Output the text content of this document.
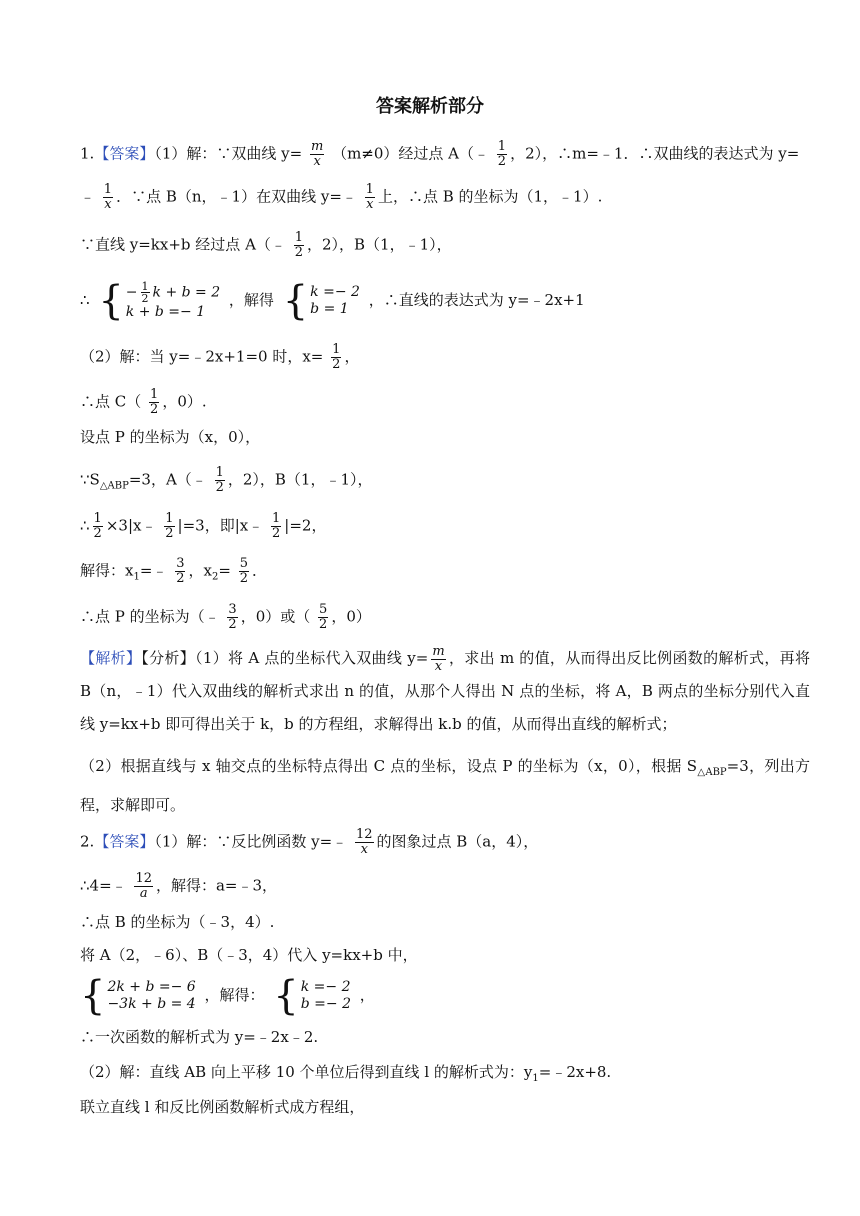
答案解析部分
1.【答案】（1）解：∵双曲线 $y= \frac{m}{x} (m\ne 0)$经过点 A（﹣ $\frac{1}{2}$ ，2），∴m=﹣1．∴双曲线的表达式为 y=
﹣ $\frac{1}{x}$ ．∵点 B（n，﹣1）在双曲线 y=﹣ $\frac{1}{x}$ 上，∴点 B 的坐标为（1，﹣1）.
∵直线 y=kx+b 经过点 A（﹣ $\frac{1}{2}$ ，2），B（1，﹣1），
∴ { − $\frac{1}{2}$ k + b = 2
k + b =− 1
，解得 { k =− 2
b = 1	，∴直线的表达式为 y=﹣2x+1
（2）解：当 y=﹣2x+1=0 时，$x= \frac{1}{2}$ ，
∴点 $C( \frac{1}{2}$ ，0）.
设点 P 的坐标为（x，0），
$\because S_{\triangle ABP}=3$，A（﹣ $\frac{1}{2}$ ，2），B（1，﹣1），
∴ $\frac{1}{2}$ ×3|x﹣ $\frac{1}{2} |=3$，即|x﹣ $\frac{1}{2} |=2$，
解得：$x_1=﹣ \frac{3}{2}$ ，$x_2= \frac{5}{2}$ ．
∴点 P 的坐标为（﹣ $\frac{3}{2}$ ，0）或（ $\frac{5}{2}$ ，0）
【解析】【分析】（1）将 A 点的坐标代入双曲线 $y= \frac{m}{x}$ ，求出 m 的值，从而得出反比例函数的解析式，再将 B（n，﹣1）代入双曲线的解析式求出 n 的值，从那个人得出 N 点的坐标，将 A，B 两点的坐标分别代入直线 y=kx+b 即可得出关于 k，b 的方程组，求解得出 k.b 的值，从而得出直线的解析式；
（2）根据直线与 x 轴交点的坐标特点得出 C 点的坐标，设点 P 的坐标为（x，0），根据 $S_{\triangle ABP}=3$，列出方程，求解即可。
2.【答案】（1）解：∵反比例函数 y=﹣ $\frac{12}{x}$ 的图象过点 B（a，4），
∴4=﹣ $\frac{12}{a}$ ，解得：a=﹣3，
∴点 B 的坐标为（﹣3，4）.
将 A（2，﹣6）、B（﹣3，4）代入 y=kx+b 中，
{ 2k + b =− 6
−3k + b = 4 ，解得： { k =− 2
b =− 2 ，
∴一次函数的解析式为 y=﹣2x﹣2.
（2）解：直线 AB 向上平移 10 个单位后得到直线 l 的解析式为：$y_1=﹣2x+8$.
联立直线 l 和反比例函数解析式成方程组，
